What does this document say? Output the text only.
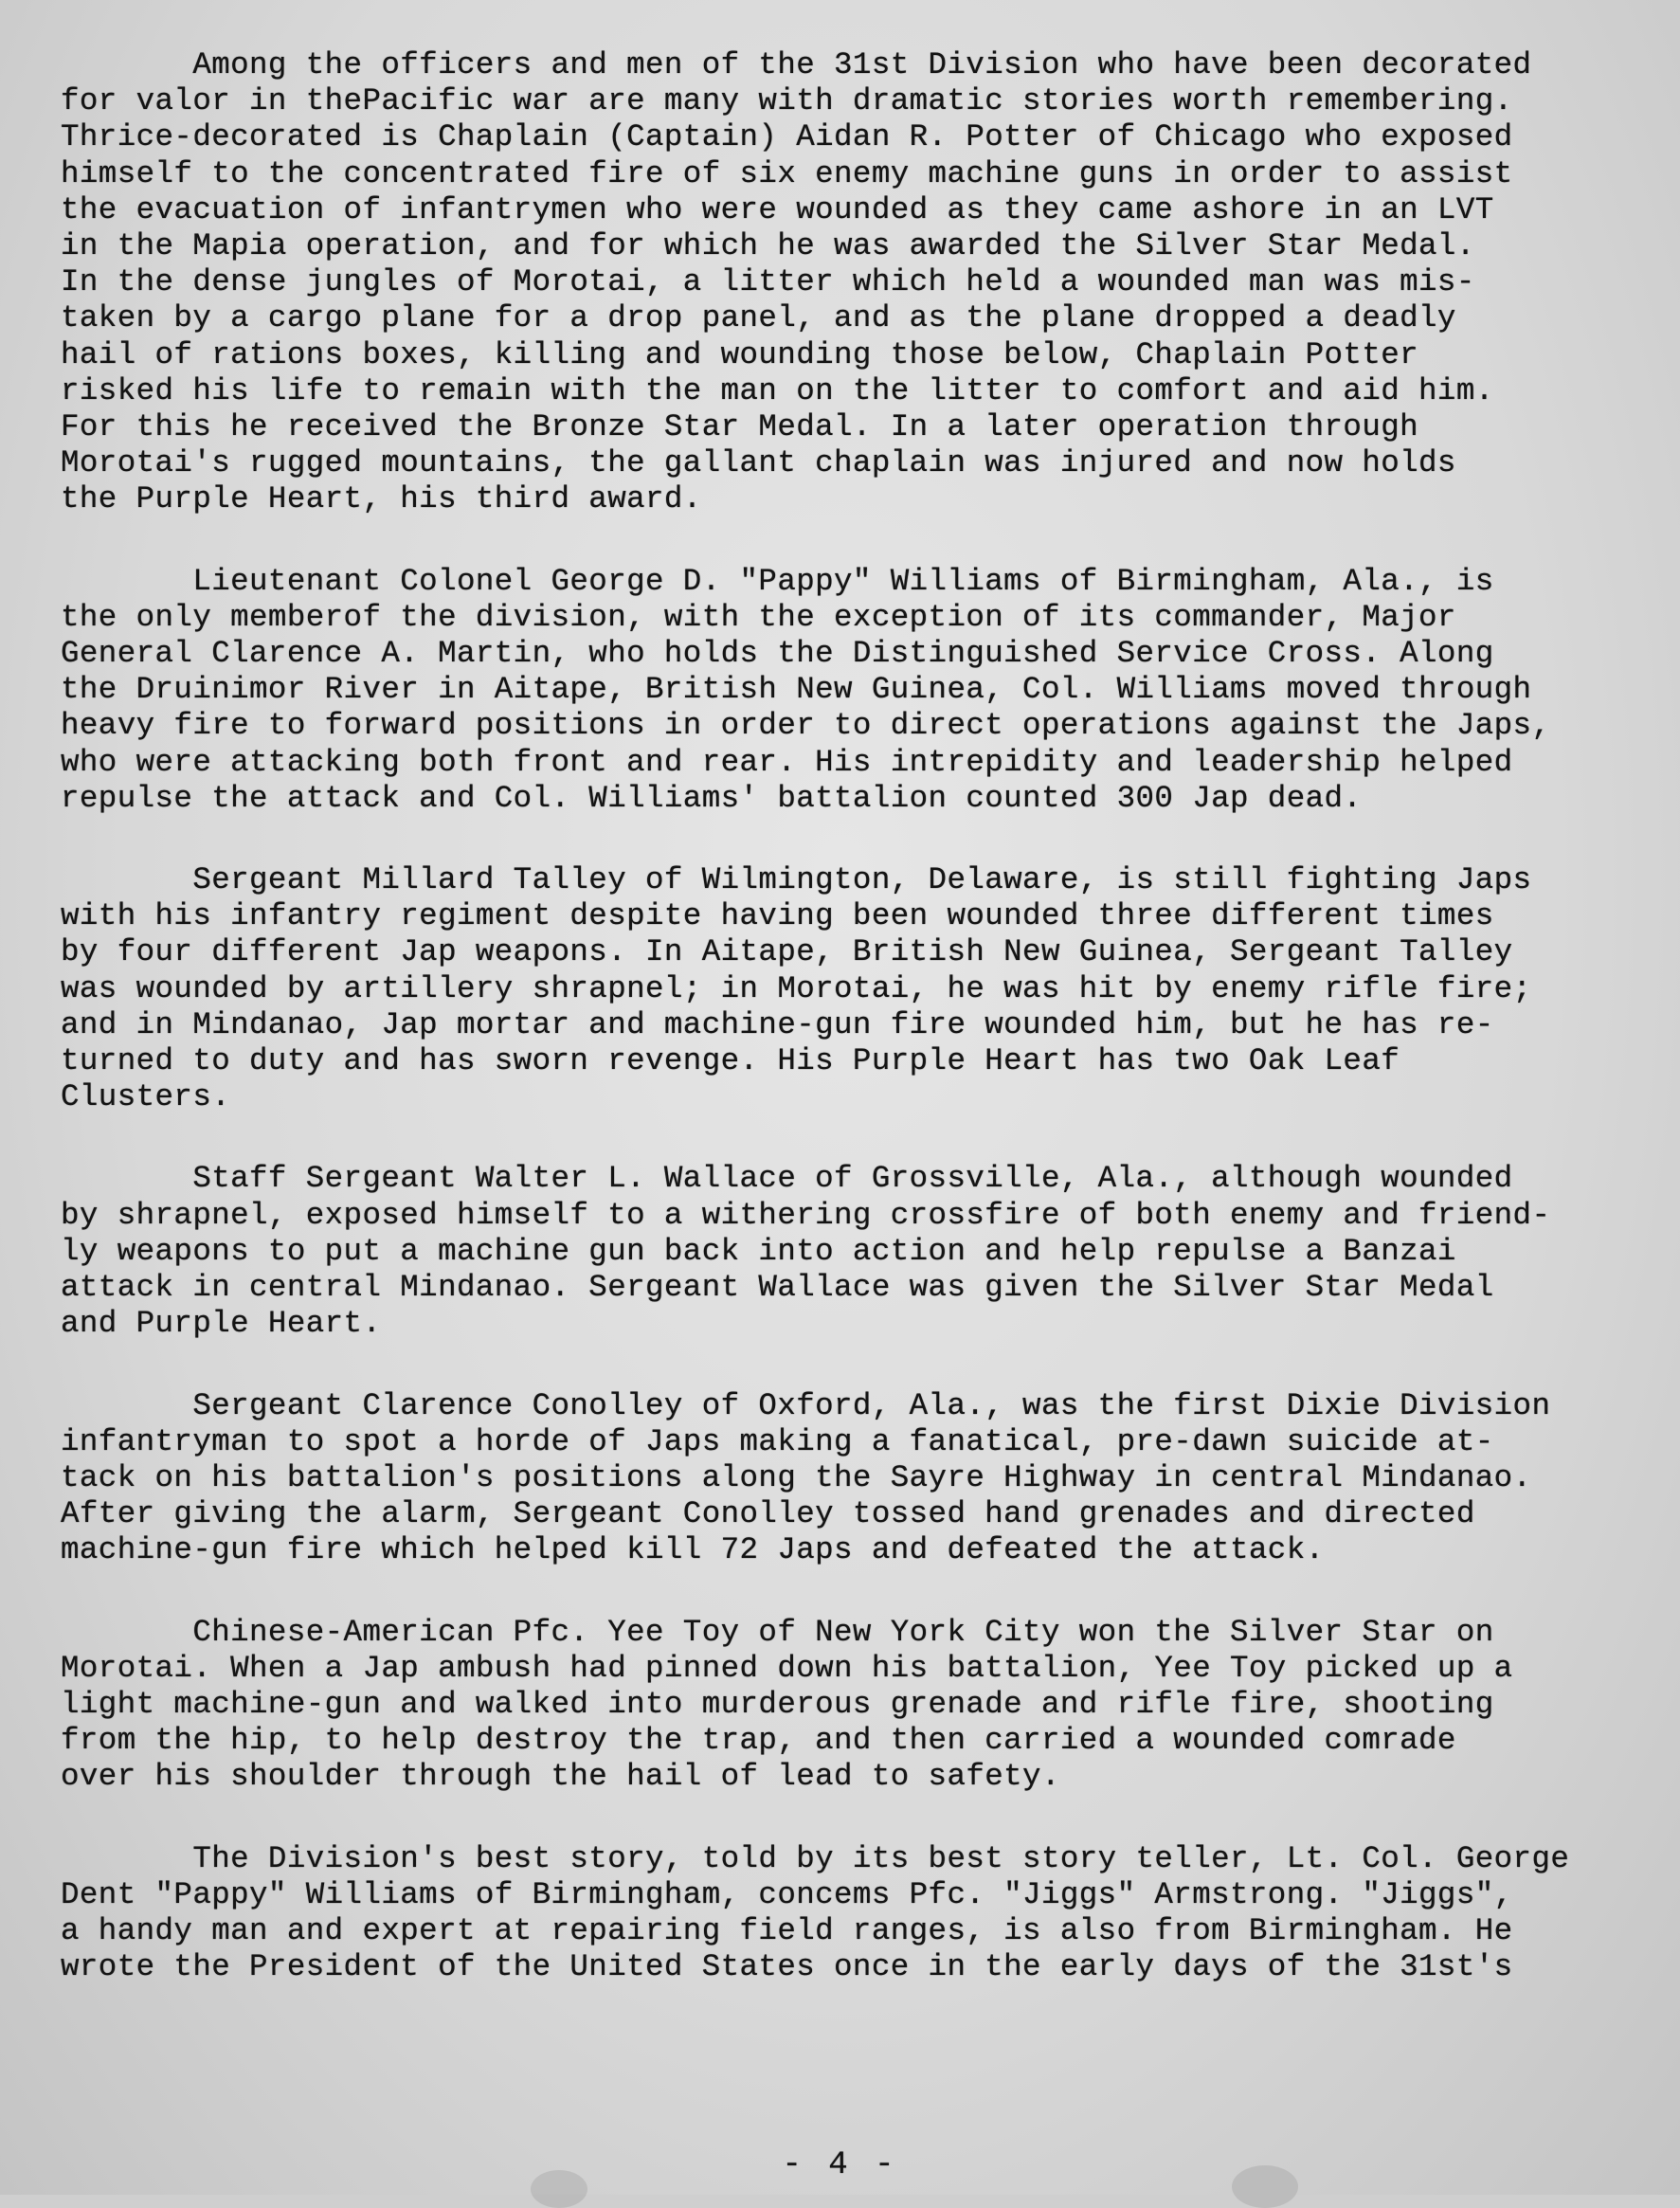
Among the officers and men of the 31st Division who have been decorated
for valor in thePacific war are many with dramatic stories worth remembering.
Thrice-decorated is Chaplain (Captain) Aidan R. Potter of Chicago who exposed
himself to the concentrated fire of six enemy machine guns in order to assist
the evacuation of infantrymen who were wounded as they came ashore in an LVT
in the Mapia operation, and for which he was awarded the Silver Star Medal.
In the dense jungles of Morotai, a litter which held a wounded man was mis-
taken by a cargo plane for a drop panel, and as the plane dropped a deadly
hail of rations boxes, killing and wounding those below, Chaplain Potter
risked his life to remain with the man on the litter to comfort and aid him.
For this he received the Bronze Star Medal. In a later operation through
Morotai's rugged mountains, the gallant chaplain was injured and now holds
the Purple Heart, his third award.

Lieutenant Colonel George D. "Pappy" Williams of Birmingham, Ala., is
the only memberof the division, with the exception of its commander, Major
General Clarence A. Martin, who holds the Distinguished Service Cross. Along
the Druinimor River in Aitape, British New Guinea, Col. Williams moved through
heavy fire to forward positions in order to direct operations against the Japs,
who were attacking both front and rear. His intrepidity and leadership helped
repulse the attack and Col. Williams' battalion counted 300 Jap dead.

Sergeant Millard Talley of Wilmington, Delaware, is still fighting Japs
with his infantry regiment despite having been wounded three different times
by four different Jap weapons. In Aitape, British New Guinea, Sergeant Talley
was wounded by artillery shrapnel; in Morotai, he was hit by enemy rifle fire;
and in Mindanao, Jap mortar and machine-gun fire wounded him, but he has re-
turned to duty and has sworn revenge. His Purple Heart has two Oak Leaf
Clusters.

Staff Sergeant Walter L. Wallace of Grossville, Ala., although wounded
by shrapnel, exposed himself to a withering crossfire of both enemy and friend-
ly weapons to put a machine gun back into action and help repulse a Banzai
attack in central Mindanao. Sergeant Wallace was given the Silver Star Medal
and Purple Heart.

Sergeant Clarence Conolley of Oxford, Ala., was the first Dixie Division
infantryman to spot a horde of Japs making a fanatical, pre-dawn suicide at-
tack on his battalion's positions along the Sayre Highway in central Mindanao.
After giving the alarm, Sergeant Conolley tossed hand grenades and directed
machine-gun fire which helped kill 72 Japs and defeated the attack.

Chinese-American Pfc. Yee Toy of New York City won the Silver Star on
Morotai. When a Jap ambush had pinned down his battalion, Yee Toy picked up a
light machine-gun and walked into murderous grenade and rifle fire, shooting
from the hip, to help destroy the trap, and then carried a wounded comrade
over his shoulder through the hail of lead to safety.

The Division's best story, told by its best story teller, Lt. Col. George
Dent "Pappy" Williams of Birmingham, concems Pfc. "Jiggs" Armstrong. "Jiggs",
a handy man and expert at repairing field ranges, is also from Birmingham. He
wrote the President of the United States once in the early days of the 31st's

- 4 -
